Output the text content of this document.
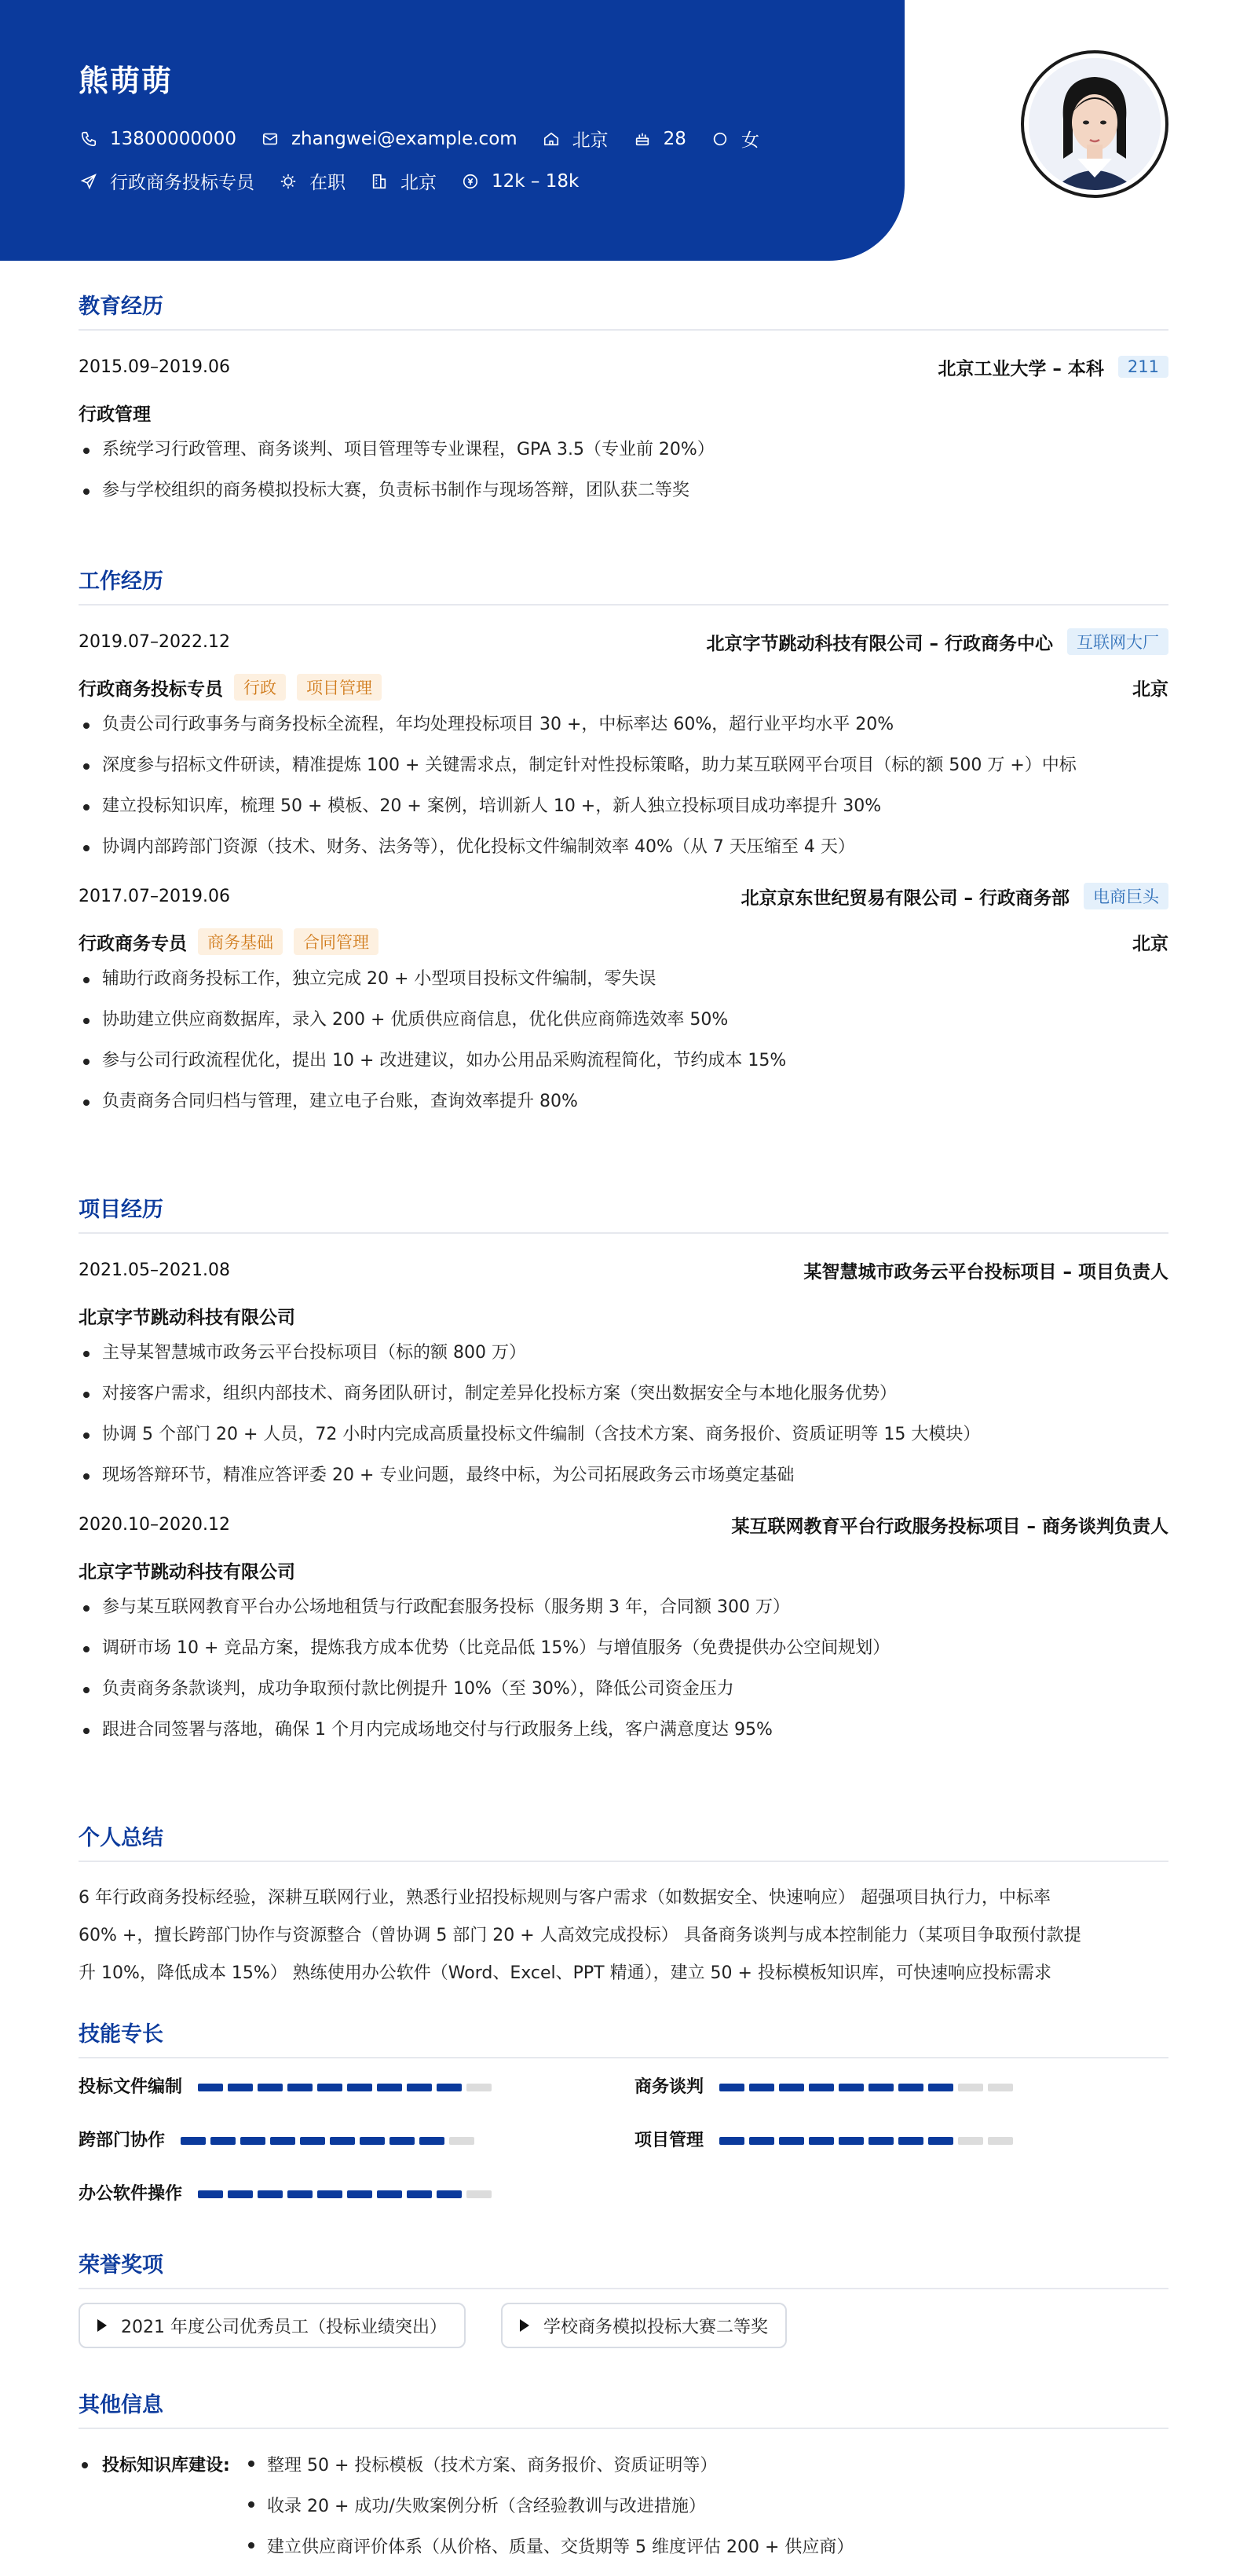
熊萌萌
13800000000	zhangwei@example.com	北京	28	女
行政商务投标专员	在职	北京	12k – 18k
教育经历
2015.09–2019.06	北京工业大学 – 本科	211
行政管理
系统学习行政管理、商务谈判、项目管理等专业课程，GPA 3.5（专业前 20%）
参与学校组织的商务模拟投标大赛，负责标书制作与现场答辩，团队获二等奖
工作经历
2019.07–2022.12	北京字节跳动科技有限公司 – 行政商务中心	互联网大厂
行政商务投标专员	行政	项目管理	北京
负责公司行政事务与商务投标全流程，年均处理投标项目 30 +，中标率达 60%，超行业平均水平 20%
深度参与招标文件研读，精准提炼 100 + 关键需求点，制定针对性投标策略，助力某互联网平台项目（标的额 500 万 +）中标
建立投标知识库，梳理 50 + 模板、20 + 案例，培训新人 10 +，新人独立投标项目成功率提升 30%
协调内部跨部门资源（技术、财务、法务等），优化投标文件编制效率 40%（从 7 天压缩至 4 天）
2017.07–2019.06	北京京东世纪贸易有限公司 – 行政商务部	电商巨头
行政商务专员	商务基础	合同管理	北京
辅助行政商务投标工作，独立完成 20 + 小型项目投标文件编制，零失误
协助建立供应商数据库，录入 200 + 优质供应商信息，优化供应商筛选效率 50%
参与公司行政流程优化，提出 10 + 改进建议，如办公用品采购流程简化，节约成本 15%
负责商务合同归档与管理，建立电子台账，查询效率提升 80%
项目经历
2021.05–2021.08	某智慧城市政务云平台投标项目 – 项目负责人
北京字节跳动科技有限公司
主导某智慧城市政务云平台投标项目（标的额 800 万）
对接客户需求，组织内部技术、商务团队研讨，制定差异化投标方案（突出数据安全与本地化服务优势）
协调 5 个部门 20 + 人员，72 小时内完成高质量投标文件编制（含技术方案、商务报价、资质证明等 15 大模块）
现场答辩环节，精准应答评委 20 + 专业问题，最终中标，为公司拓展政务云市场奠定基础
2020.10–2020.12	某互联网教育平台行政服务投标项目 – 商务谈判负责人
北京字节跳动科技有限公司
参与某互联网教育平台办公场地租赁与行政配套服务投标（服务期 3 年，合同额 300 万）
调研市场 10 + 竞品方案，提炼我方成本优势（比竞品低 15%）与增值服务（免费提供办公空间规划）
负责商务条款谈判，成功争取预付款比例提升 10%（至 30%），降低公司资金压力
跟进合同签署与落地，确保 1 个月内完成场地交付与行政服务上线，客户满意度达 95%
个人总结
6 年行政商务投标经验，深耕互联网行业，熟悉行业招投标规则与客户需求（如数据安全、快速响应） 超强项目执行力，中标率
60% +，擅长跨部门协作与资源整合（曾协调 5 部门 20 + 人高效完成投标） 具备商务谈判与成本控制能力（某项目争取预付款提
升 10%，降低成本 15%） 熟练使用办公软件（Word、Excel、PPT 精通），建立 50 + 投标模板知识库，可快速响应投标需求
技能专长
投标文件编制	商务谈判
跨部门协作	项目管理
办公软件操作
荣誉奖项
2021 年度公司优秀员工（投标业绩突出）	学校商务模拟投标大赛二等奖
其他信息
投标知识库建设:	整理 50 + 投标模板（技术方案、商务报价、资质证明等）
收录 20 + 成功/失败案例分析（含经验教训与改进措施）
建立供应商评价体系（从价格、质量、交货期等 5 维度评估 200 + 供应商）
